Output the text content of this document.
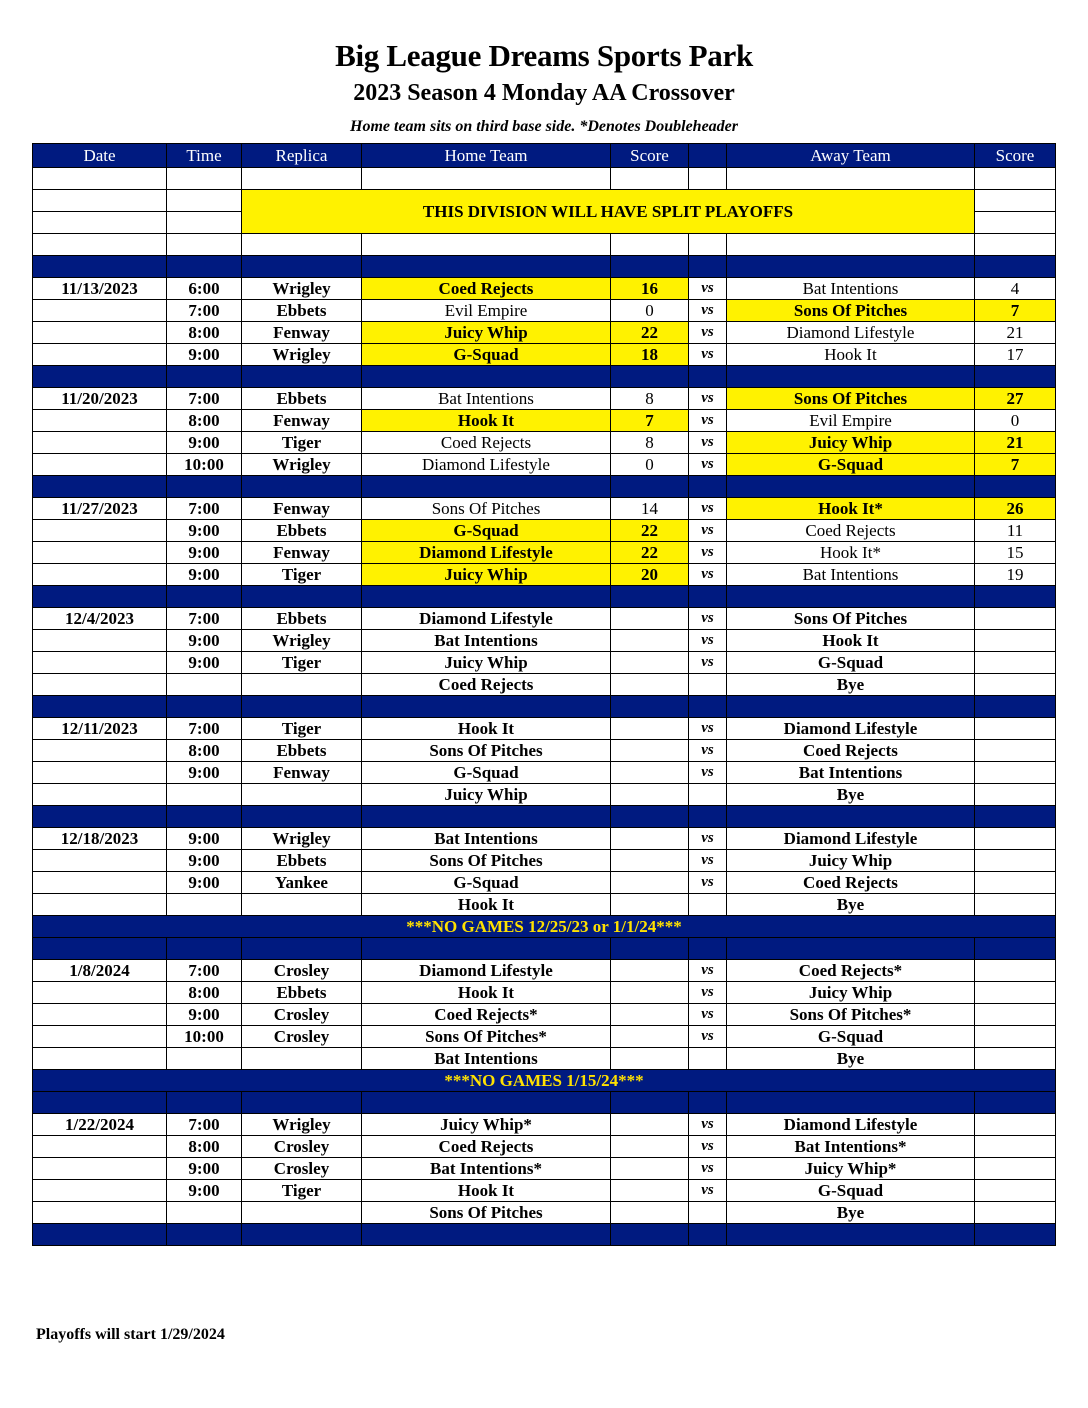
Big League Dreams Sports Park
2023 Season 4 Monday AA Crossover
Home team sits on third base side. *Denotes Doubleheader
Date	Time	Replica	Home Team	Score		Away Team	Score

		THIS DIVISION WILL HAVE SPLIT PLAYOFFS					

11/13/2023	6:00	Wrigley	Coed Rejects	16	vs	Bat Intentions	4
	7:00	Ebbets	Evil Empire	0	vs	Sons Of Pitches	7
	8:00	Fenway	Juicy Whip	22	vs	Diamond Lifestyle	21
	9:00	Wrigley	G-Squad	18	vs	Hook It	17

11/20/2023	7:00	Ebbets	Bat Intentions	8	vs	Sons Of Pitches	27
	8:00	Fenway	Hook It	7	vs	Evil Empire	0
	9:00	Tiger	Coed Rejects	8	vs	Juicy Whip	21
	10:00	Wrigley	Diamond Lifestyle	0	vs	G-Squad	7

11/27/2023	7:00	Fenway	Sons Of Pitches	14	vs	Hook It*	26
	9:00	Ebbets	G-Squad	22	vs	Coed Rejects	11
	9:00	Fenway	Diamond Lifestyle	22	vs	Hook It*	15
	9:00	Tiger	Juicy Whip	20	vs	Bat Intentions	19

12/4/2023	7:00	Ebbets	Diamond Lifestyle		vs	Sons Of Pitches	
	9:00	Wrigley	Bat Intentions		vs	Hook It	
	9:00	Tiger	Juicy Whip		vs	G-Squad	
			Coed Rejects			Bye	

12/11/2023	7:00	Tiger	Hook It		vs	Diamond Lifestyle	
	8:00	Ebbets	Sons Of Pitches		vs	Coed Rejects	
	9:00	Fenway	G-Squad		vs	Bat Intentions	
			Juicy Whip			Bye	

12/18/2023	9:00	Wrigley	Bat Intentions		vs	Diamond Lifestyle	
	9:00	Ebbets	Sons Of Pitches		vs	Juicy Whip	
	9:00	Yankee	G-Squad		vs	Coed Rejects	
			Hook It			Bye	
***NO GAMES 12/25/23 or 1/1/24***							

1/8/2024	7:00	Crosley	Diamond Lifestyle		vs	Coed Rejects*	
	8:00	Ebbets	Hook It		vs	Juicy Whip	
	9:00	Crosley	Coed Rejects*		vs	Sons Of Pitches*	
	10:00	Crosley	Sons Of Pitches*		vs	G-Squad	
			Bat Intentions			Bye	
***NO GAMES 1/15/24***							

1/22/2024	7:00	Wrigley	Juicy Whip*		vs	Diamond Lifestyle	
	8:00	Crosley	Coed Rejects		vs	Bat Intentions*	
	9:00	Crosley	Bat Intentions*		vs	Juicy Whip*	
	9:00	Tiger	Hook It		vs	G-Squad	
			Sons Of Pitches			Bye	

Playoffs will start 1/29/2024
